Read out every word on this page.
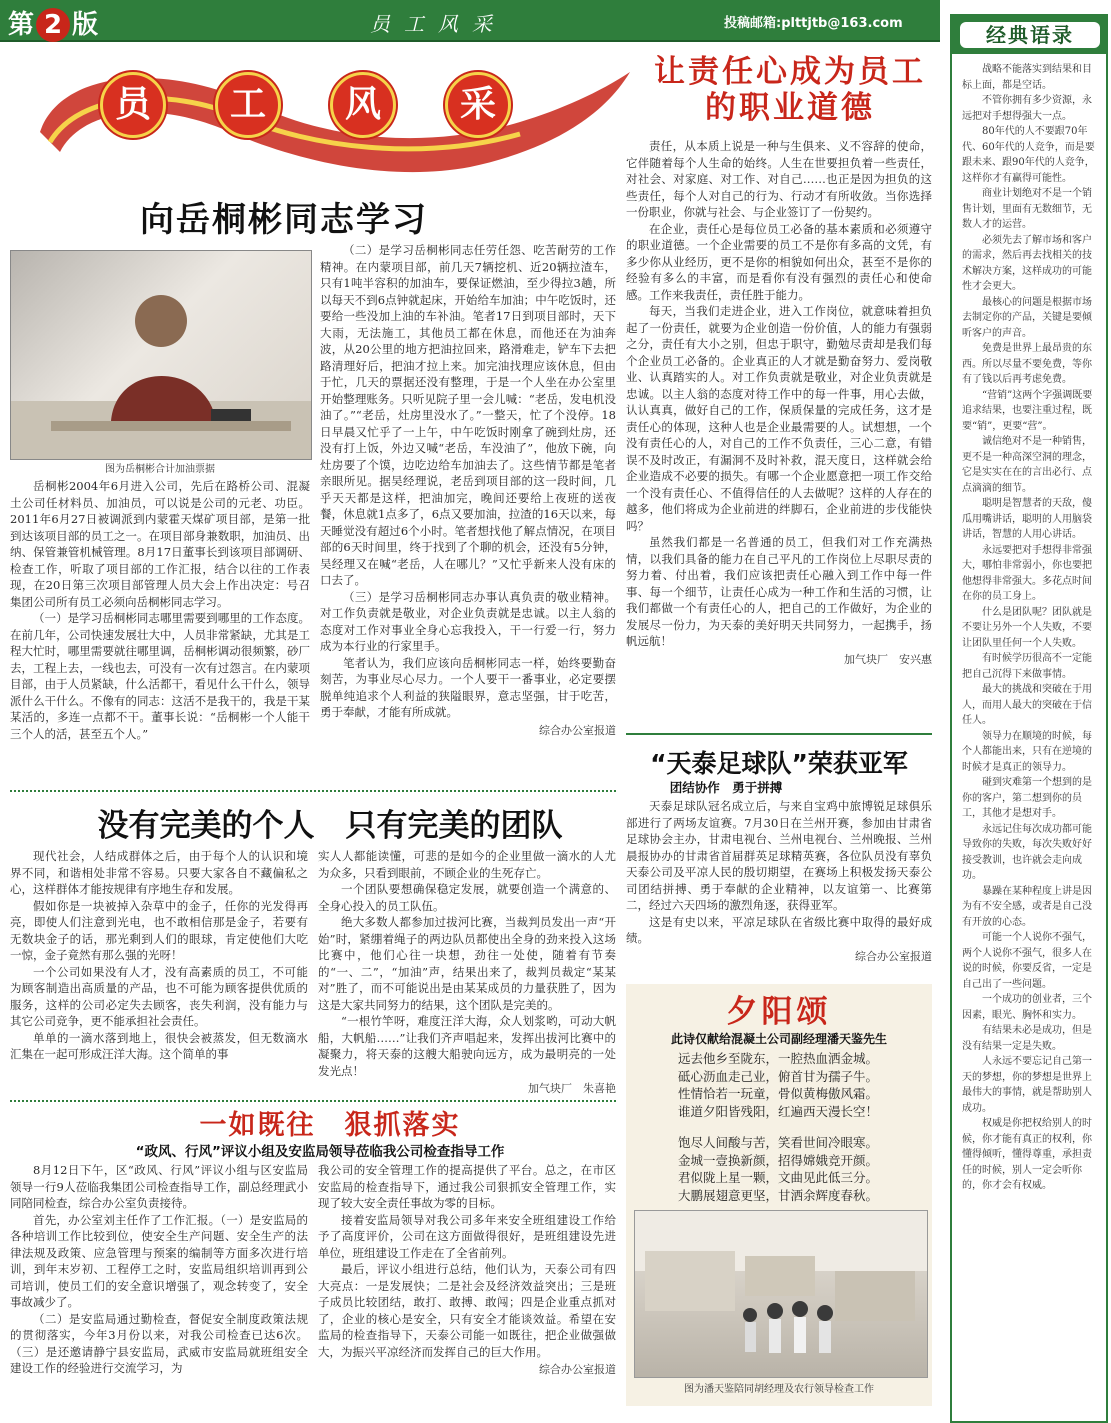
第 2 版	员工风采	投稿邮箱:plttjtb@163.com
员	工	风	采
向岳桐彬同志学习
图为岳桐彬合计加油票据

岳桐彬2004年6月进入公司，先后在路桥公司、混凝土公司任材料员、加油员，可以说是公司的元老、功臣。2011年6月27日被调派到内蒙霍天煤矿项目部，是第一批到达该项目部的员工之一。在项目部身兼数职，加油员、出纳、保管兼管机械管理。8月17日董事长到该项目部调研、检查工作，听取了项目部的工作汇报，结合以往的工作表现，在20日第三次项目部管理人员大会上作出决定：号召集团公司所有员工必须向岳桐彬同志学习。

（一）是学习岳桐彬同志哪里需要到哪里的工作态度。在前几年，公司快速发展壮大中，人员非常紧缺，尤其是工程大忙时，哪里需要就往哪里调，岳桐彬调动很频繁，砂厂去，工程上去，一线也去，可没有一次有过怨言。在内蒙项目部，由于人员紧缺，什么活都干，看见什么干什么，领导派什么干什么。不像有的同志：这活不是我干的，我是干某某活的，多连一点都不干。董事长说：“岳桐彬一个人能干三个人的活，甚至五个人。”

（二）是学习岳桐彬同志任劳任怨、吃苦耐劳的工作精神。在内蒙项目部，前几天7辆挖机、近20辆拉渣车，只有1吨半容积的加油车，要保证燃油，至少得拉3趟，所以每天不到6点钟就起床，开始给车加油；中午吃饭时，还要给一些没加上油的车补油。笔者17日到项目部时，天下大雨，无法施工，其他员工都在休息，而他还在为油奔波，从20公里的地方把油拉回来，路滑难走，铲车下去把路清理好后，把油才拉上来。加完油找理应该休息，但由于忙，几天的票据还没有整理，于是一个人坐在办公室里开始整理账务。只听见院子里一会儿喊：“老岳，发电机没油了。”“老岳，灶房里没水了。”一整天，忙了个没停。18日早晨又忙乎了一上午，中午吃饭时刚拿了碗到灶房，还没有打上饭，外边又喊“老岳，车没油了”，他放下碗，向灶房要了个馍，边吃边给车加油去了。这些情节都是笔者亲眼所见。据吴经理说，老岳到项目部的这一段时间，几乎天天都是这样，把油加完，晚间还要给上夜班的送夜餐，休息就1点多了，6点又要加油，拉渣的16天以来，每天睡觉没有超过6个小时。笔者想找他了解点情况，在项目部的6天时间里，终于找到了个聊的机会，还没有5分钟，吴经理又在喊“老岳，人在哪儿？”又忙乎新来人没有床的口去了。

（三）是学习岳桐彬同志办事认真负责的敬业精神。对工作负责就是敬业，对企业负责就是忠诚。以主人翁的态度对工作对事业全身心忘我投入，干一行爱一行，努力成为本行业的行家里手。

笔者认为，我们应该向岳桐彬同志一样，始终要勤奋刻苦，为事业尽心尽力。一个人要干一番事业，必定要摆脱单纯追求个人利益的狭隘眼界，意志坚强，甘于吃苦，勇于奉献，才能有所成就。

综合办公室报道
没有完美的个人　只有完美的团队

现代社会，人结成群体之后，由于每个人的认识和境界不同，和谐相处非常不容易。只要大家各自不藏偏私之心，这样群体才能按规律有序地生存和发展。

假如你是一块被掉入杂草中的金子，任你的光发得再亮，即使人们注意到光电，也不敢相信那是金子，若要有无数块金子的话，那光剩到人们的眼球，肯定使他们大吃一惊，金子竟然有那么强的光呀！

一个公司如果没有人才，没有高素质的员工，不可能为顾客制造出高质量的产品，也不可能为顾客提供优质的服务，这样的公司必定失去顾客，丧失利润，没有能力与其它公司竞争，更不能承担社会责任。

单单的一滴水落到地上，很快会被蒸发，但无数滴水汇集在一起可形成汪洋大海。这个简单的事

实人人都能读懂，可悲的是如今的企业里做一滴水的人尤为众多，只看到眼前，不顾企业的生死存亡。

一个团队要想确保稳定发展，就要创造一个满意的、全身心投入的员工队伍。

绝大多数人都参加过拔河比赛，当裁判员发出一声“开始”时，紧绷着绳子的两边队员都使出全身的劲来投入这场比赛中，他们心往一块想，劲往一处使，随着有节奏的“一、二”，“加油”声，结果出来了，裁判员裁定“某某对”胜了，而不可能说出是由某某成员的力量获胜了，因为这是大家共同努力的结果，这个团队是完美的。

“一根竹竿呀，难度汪洋大海，众人划浆哟，可动大帆船，大帆船……”让我们齐声唱起来，发挥出拔河比赛中的凝聚力，将天泰的这艘大船驶向远方，成为最明亮的一处发光点！

加气块厂　朱喜艳
一如既往　狠抓落实
“政风、行风”评议小组及安监局领导莅临我公司检查指导工作

8月12日下午，区“政风、行风”评议小组与区安监局领导一行9人莅临我集团公司检查指导工作，副总经理武小同陪同检查，综合办公室负责接待。

首先，办公室刘主任作了工作汇报。（一）是安监局的各种培训工作比较到位，使安全生产问题、安全生产的法律法规及政策、应急管理与预案的编制等方面多次进行培训，到年末岁初、工程停工之时，安监局组织培训再到公司培训，使员工们的安全意识增强了，观念转变了，安全事故减少了。

（二）是安监局通过勤检查，督促安全制度政策法规的贯彻落实，今年3月份以来，对我公司检查已达6次。（三）是还邀请静宁县安监局，武威市安监局就班组安全建设工作的经验进行交流学习，为

我公司的安全管理工作的提高提供了平台。总之，在市区安监局的检查指导下，通过我公司狠抓安全管理工作，实现了较大安全责任事故为零的目标。

接着安监局领导对我公司多年来安全班组建设工作给予了高度评价，公司在这方面做得很好，是班组建设先进单位，班组建设工作走在了全省前列。

最后，评议小组进行总结，他们认为，天泰公司有四大亮点：一是发展快；二是社会及经济效益突出；三是班子成员比较团结，敢打、敢搏、敢闯；四是企业重点抓对了，企业的核心是安全，只有安全才能谈效益。希望在安监局的检查指导下，天泰公司能一如既往，把企业做强做大，为振兴平凉经济而发挥自己的巨大作用。

综合办公室报道
让责任心成为员工的职业道德

责任，从本质上说是一种与生俱来、义不容辞的使命，它伴随着每个人生命的始终。人生在世要担负着一些责任，对社会、对家庭、对工作、对自己……也正是因为担负的这些责任，每个人对自己的行为、行动才有所收敛。当你选择一份职业，你就与社会、与企业签订了一份契约。

在企业，责任心是每位员工必备的基本素质和必须遵守的职业道德。一个企业需要的员工不是你有多高的文凭，有多少你从业经历，更不是你的相貌如何出众，甚至不是你的经验有多么的丰富，而是看你有没有强烈的责任心和使命感。工作来我责任，责任胜于能力。

每天，当我们走进企业，进入工作岗位，就意味着担负起了一份责任，就要为企业创造一份价值，人的能力有强弱之分，责任有大小之别，但忠于职守，勤勉尽责却是我们每个企业员工必备的。企业真正的人才就是勤奋努力、爱岗敬业、认真踏实的人。对工作负责就是敬业，对企业负责就是忠诚。以主人翁的态度对待工作中的每一件事，用心去做，认认真真，做好自己的工作，保质保量的完成任务，这才是责任心的体现，这种人也是企业最需要的人。试想想，一个没有责任心的人，对自己的工作不负责任，三心二意，有错误不及时改正，有漏洞不及时补救，混天度日，这样就会给企业造成不必要的损失。有哪一个企业愿意把一项工作交给一个没有责任心、不值得信任的人去做呢？这样的人存在的越多，他们将成为企业前进的绊脚石，企业前进的步伐能快吗？

虽然我们都是一名普通的员工，但我们对工作充满热情，以我们具备的能力在自己平凡的工作岗位上尽职尽责的努力着、付出着，我们应该把责任心融入到工作中每一件事、每一个细节，让责任心成为一种工作和生活的习惯，让我们都做一个有责任心的人，把自己的工作做好，为企业的发展尽一份力，为天泰的美好明天共同努力，一起携手，扬帆远航！

加气块厂　安兴惠
“天泰足球队”荣获亚军
团结协作　勇于拼搏

天泰足球队冠名成立后，与来自宝鸡中旅博锐足球俱乐部进行了两场友谊赛。7月30日在兰州开赛，参加由甘肃省足球协会主办，甘肃电视台、兰州电视台、兰州晚报、兰州晨报协办的甘肃省首届群英足球精英赛，各位队员没有辜负天泰公司及平凉人民的殷切期望，在赛场上积极发扬天泰公司团结拼搏、勇于奉献的企业精神，以友谊第一、比赛第二，经过六天四场的激烈角逐，获得亚军。

这是有史以来，平凉足球队在省级比赛中取得的最好成绩。

综合办公室报道
夕阳颂
此诗仅献给混凝土公司副经理潘天鉴先生
远去他乡至陇东，一腔热血洒金城。
砥心沥血走己业，俯首甘为孺子牛。
性情恰若一玩童，骨似黄梅傲风霜。
谁道夕阳皆残阳，红遍西天漫长空！
饱尽人间酸与苦，笑看世间冷眼寒。
金城一壹换新颜，招得嫦娥竞开颜。
君似陇上星一颗，文曲见此低三分。
大鹏展翅意更坚，甘洒余辉度春秋。
图为潘天鉴陪同胡经理及农行领导检查工作
经典语录

战略不能落实到结果和目标上面，都是空话。

不管你拥有多少资源，永远把对手想得强大一点。

80年代的人不要跟70年代、60年代的人竞争，而是要跟未来、跟90年代的人竞争，这样你才有赢得可能性。

商业计划绝对不是一个销售计划，里面有无数细节，无数人才的运营。

必须先去了解市场和客户的需求，然后再去找相关的技术解决方案，这样成功的可能性才会更大。

最核心的问题是根据市场去制定你的产品，关键是要倾听客户的声音。

免费是世界上最昂贵的东西。所以尽量不要免费，等你有了钱以后再考虑免费。

“营销”这两个字强调既要追求结果，也要注重过程，既要“销”，更要“营”。

诚信绝对不是一种销售，更不是一种高深空洞的理念，它是实实在在的言出必行、点点滴滴的细节。

聪明是智慧者的天敌，傻瓜用嘴讲话，聪明的人用脑袋讲话，智慧的人用心讲话。

永远要把对手想得非常强大，哪怕非常弱小，你也要把他想得非常强大。多花点时间在你的员工身上。

什么是团队呢？团队就是不要让另外一个人失败，不要让团队里任何一个人失败。

有时候学历很高不一定能把自己沉得下来做事情。

最大的挑战和突破在于用人，而用人最大的突破在于信任人。

领导力在顺境的时候，每个人都能出来，只有在逆境的时候才是真正的领导力。

碰到灾难第一个想到的是你的客户，第二想到你的员工，其他才是想对手。

永远记住每次成功都可能导致你的失败，每次失败好好接受教训，也许就会走向成功。

暴躁在某种程度上讲是因为有不安全感，或者是自己没有开放的心态。

可能一个人说你不强气，两个人说你不强气，很多人在说的时候，你要反省，一定是自己出了一些问题。

一个成功的创业者，三个因素，眼光、胸怀和实力。

有结果未必是成功，但是没有结果一定是失败。

人永远不要忘记自己第一天的梦想，你的梦想是世界上最伟大的事情，就是帮助别人成功。

权威是你把权给别人的时候，你才能有真正的权利，你懂得倾听，懂得尊重，承担责任的时候，别人一定会听你的，你才会有权威。
